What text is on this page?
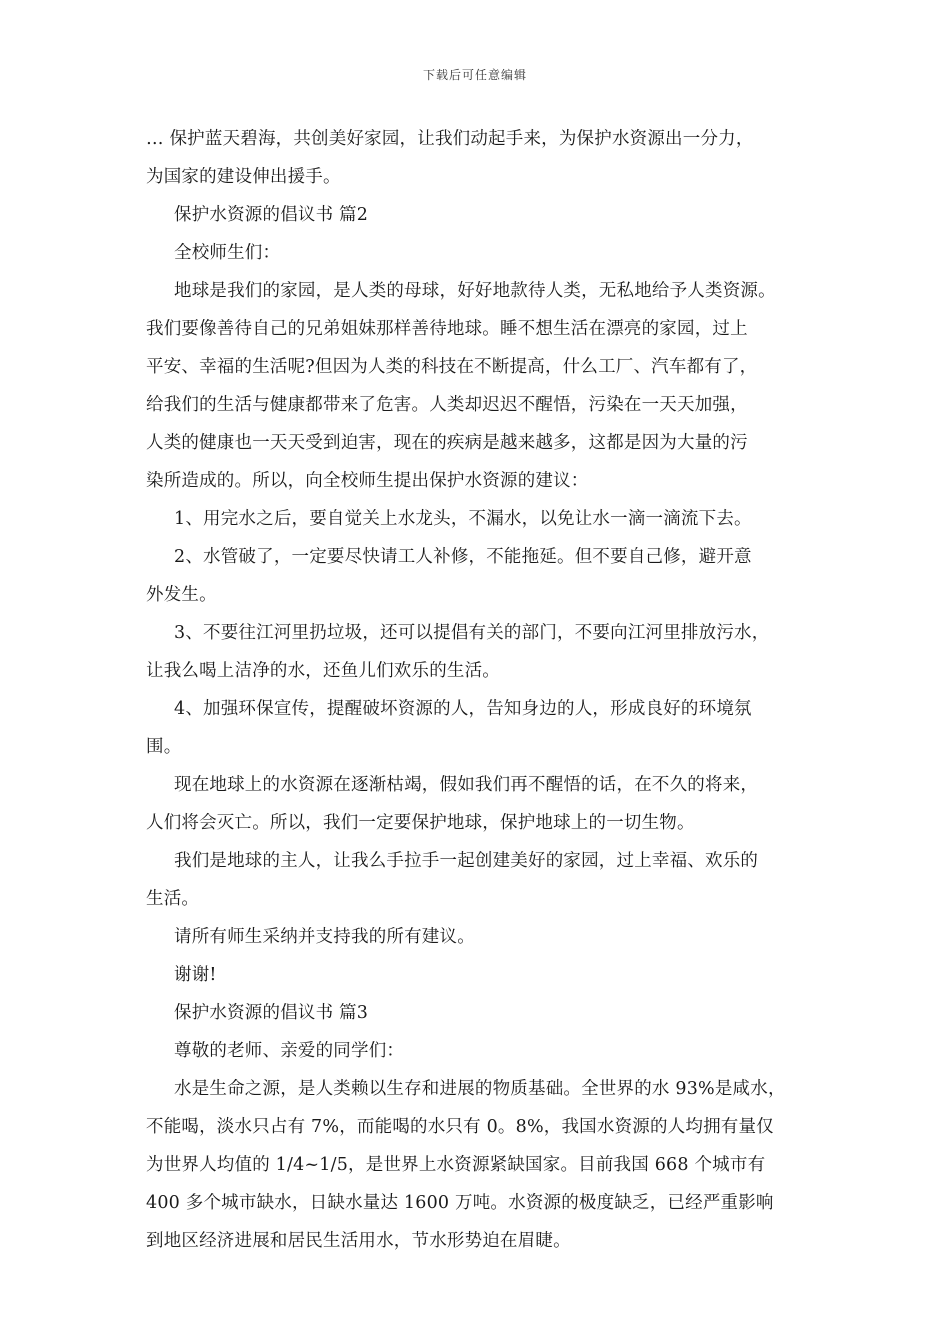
下载后可任意编辑
… 保护蓝天碧海，共创美好家园，让我们动起手来，为保护水资源出一分力，
为国家的建设伸出援手。
保护水资源的倡议书 篇2
全校师生们：
地球是我们的家园，是人类的母球，好好地款待人类，无私地给予人类资源。
我们要像善待自己的兄弟姐妹那样善待地球。睡不想生活在漂亮的家园，过上
平安、幸福的生活呢?但因为人类的科技在不断提高，什么工厂、汽车都有了，
给我们的生活与健康都带来了危害。人类却迟迟不醒悟，污染在一天天加强，
人类的健康也一天天受到迫害，现在的疾病是越来越多，这都是因为大量的污
染所造成的。所以，向全校师生提出保护水资源的建议：
1、用完水之后，要自觉关上水龙头，不漏水，以免让水一滴一滴流下去。
2、水管破了，一定要尽快请工人补修，不能拖延。但不要自己修，避开意
外发生。
3、不要往江河里扔垃圾，还可以提倡有关的部门，不要向江河里排放污水，
让我么喝上洁净的水，还鱼儿们欢乐的生活。
4、加强环保宣传，提醒破坏资源的人，告知身边的人，形成良好的环境氛
围。
现在地球上的水资源在逐渐枯竭，假如我们再不醒悟的话，在不久的将来，
人们将会灭亡。所以，我们一定要保护地球，保护地球上的一切生物。
我们是地球的主人，让我么手拉手一起创建美好的家园，过上幸福、欢乐的
生活。
请所有师生采纳并支持我的所有建议。
谢谢!
保护水资源的倡议书 篇3
尊敬的老师、亲爱的同学们：
水是生命之源，是人类赖以生存和进展的物质基础。全世界的水 93%是咸水，
不能喝，淡水只占有 7%，而能喝的水只有 0。8%，我国水资源的人均拥有量仅
为世界人均值的 1/4~1/5，是世界上水资源紧缺国家。目前我国 668 个城市有
400 多个城市缺水，日缺水量达 1600 万吨。水资源的极度缺乏，已经严重影响
到地区经济进展和居民生活用水，节水形势迫在眉睫。
